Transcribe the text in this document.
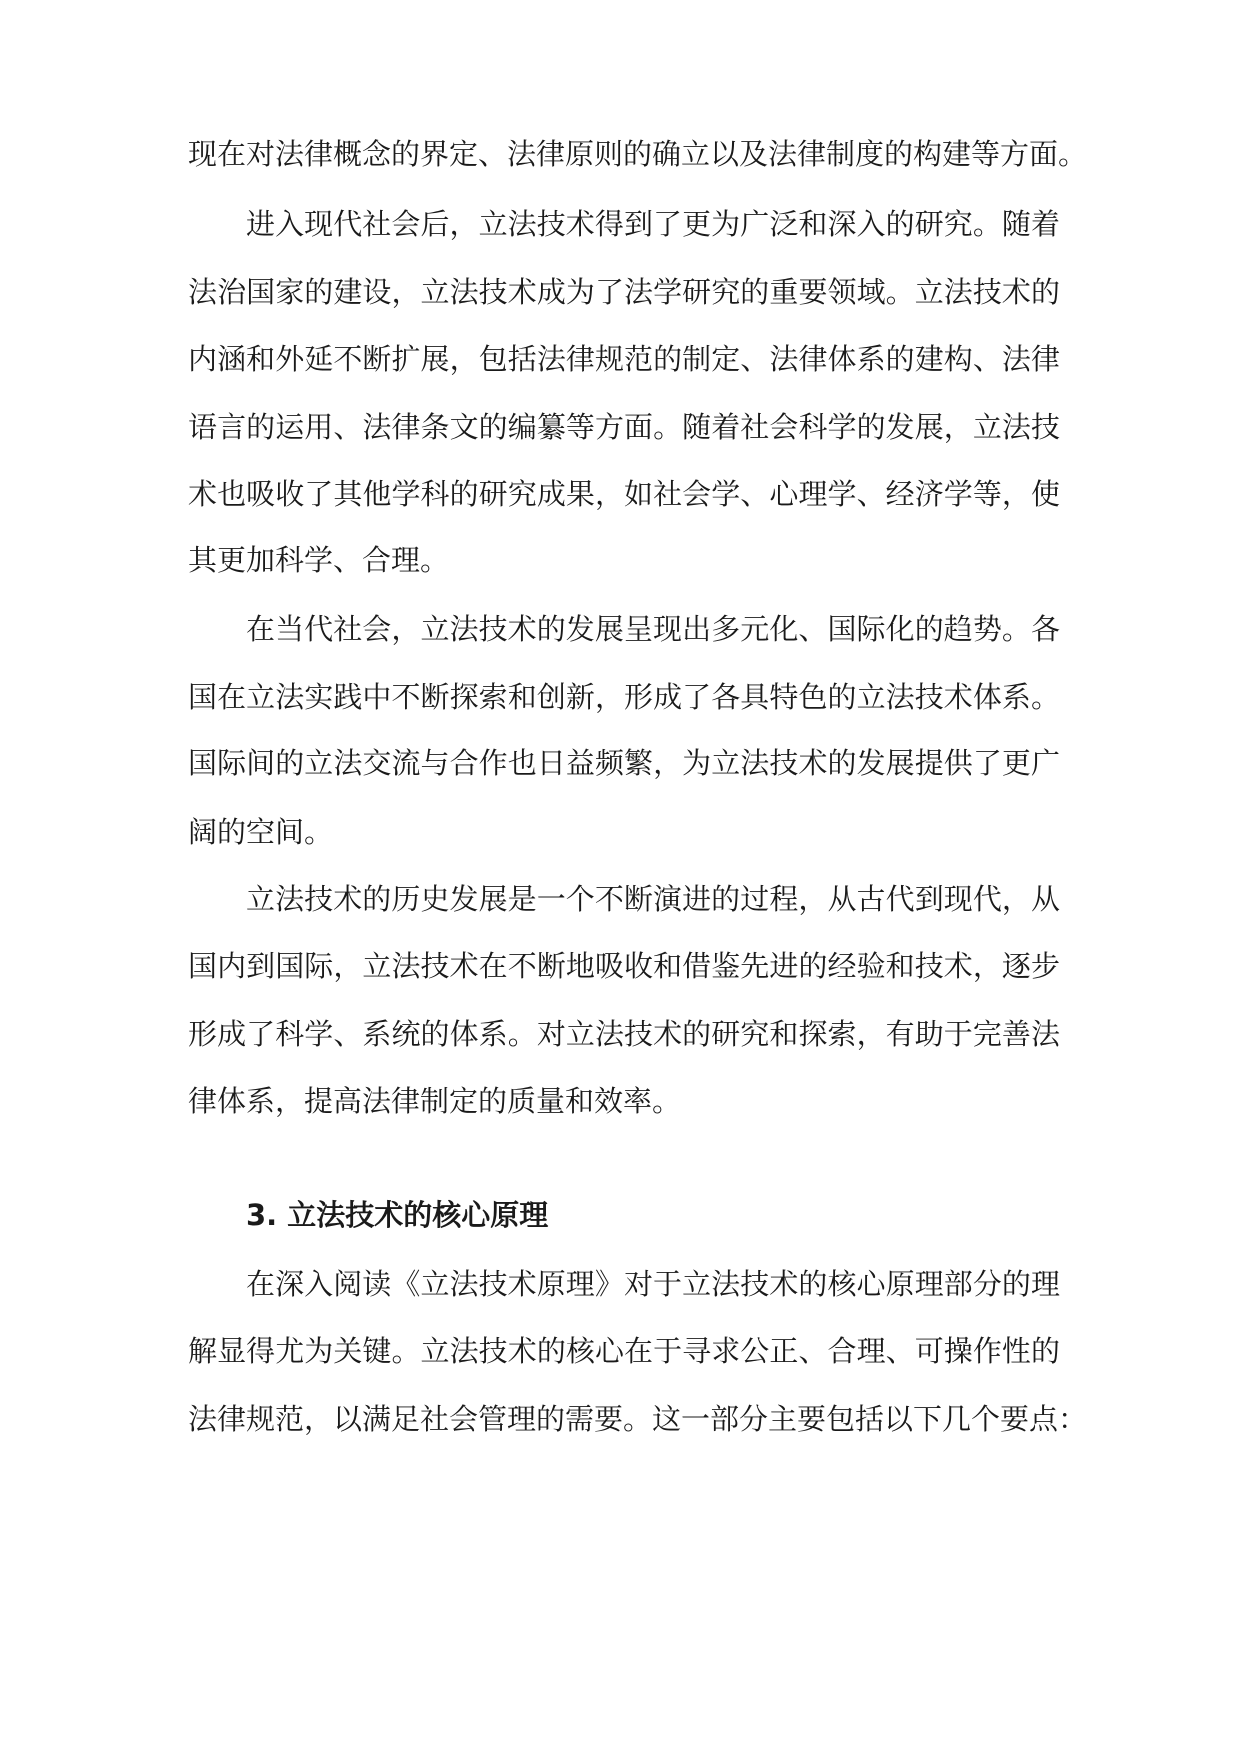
现在对法律概念的界定、法律原则的确立以及法律制度的构建等方面。
进入现代社会后，立法技术得到了更为广泛和深入的研究。随着
法治国家的建设，立法技术成为了法学研究的重要领域。立法技术的
内涵和外延不断扩展，包括法律规范的制定、法律体系的建构、法律
语言的运用、法律条文的编纂等方面。随着社会科学的发展，立法技
术也吸收了其他学科的研究成果，如社会学、心理学、经济学等，使
其更加科学、合理。
在当代社会，立法技术的发展呈现出多元化、国际化的趋势。各
国在立法实践中不断探索和创新，形成了各具特色的立法技术体系。
国际间的立法交流与合作也日益频繁，为立法技术的发展提供了更广
阔的空间。
立法技术的历史发展是一个不断演进的过程，从古代到现代，从
国内到国际，立法技术在不断地吸收和借鉴先进的经验和技术，逐步
形成了科学、系统的体系。对立法技术的研究和探索，有助于完善法
律体系，提高法律制定的质量和效率。
3. 立法技术的核心原理
在深入阅读《立法技术原理》对于立法技术的核心原理部分的理
解显得尤为关键。立法技术的核心在于寻求公正、合理、可操作性的
法律规范，以满足社会管理的需要。这一部分主要包括以下几个要点：
